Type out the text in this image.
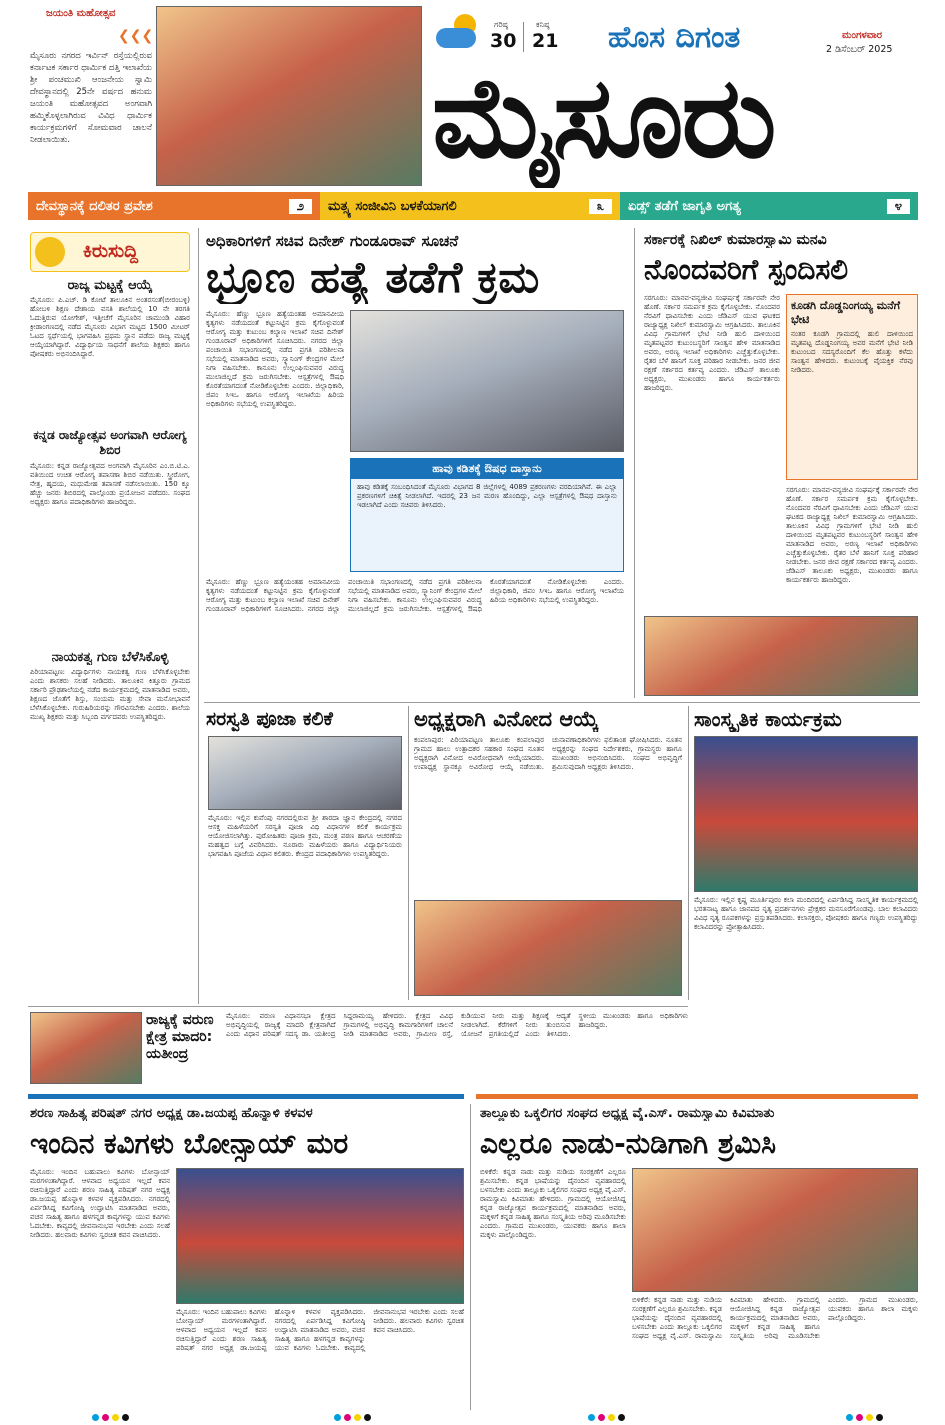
ಜಯಂತಿ ಮಹೋತ್ಸವ
❮❮❮
ಮೈಸೂರು ನಗರದ ಇರ್ವಿನ್ ರಸ್ತೆಯಲ್ಲಿರುವ ಕರ್ನಾಟಕ ಸರ್ಕಾರ ಧಾರ್ಮಿಕ ದತ್ತಿ ಇಲಾಖೆಯ ಶ್ರೀ ಪಂಚಮುಖಿ ಆಂಜನೇಯ ಸ್ವಾಮಿ ದೇವಸ್ಥಾನದಲ್ಲಿ 25ನೇ ವರ್ಷದ ಹನುಮ ಜಯಂತಿ ಮಹೋತ್ಸವದ ಅಂಗವಾಗಿ ಹಮ್ಮಿಕೊಳ್ಳಲಾಗಿರುವ ವಿವಿಧ ಧಾರ್ಮಿಕ ಕಾರ್ಯಕ್ರಮಗಳಿಗೆ ಸೋಮವಾರ ಚಾಲನೆ ನೀಡಲಾಯಿತು.
ಗರಿಷ್ಠ
30
ಕನಿಷ್ಠ
21 ಹೊಸ ದಿಗಂತ	ಮಂಗಳವಾರ
2 ಡಿಸೆಂಬರ್ 2025
ಮೈಸೂರು
ದೇವಸ್ಥಾನಕ್ಕೆ ದಲಿತರ ಪ್ರವೇಶ	೨	ಮತ್ಸ್ಯ ಸಂಜೀವಿನಿ ಬಳಕೆಯಾಗಲಿ	೩	ಏಡ್ಸ್ ತಡೆಗೆ ಜಾಗೃತಿ ಅಗತ್ಯ	೪
ಕಿರುಸುದ್ದಿ
ರಾಜ್ಯ ಮಟ್ಟಕ್ಕೆ ಆಯ್ಕೆ
ಮೈಸೂರು: ಪಿ.ಎಚ್. ಡಿ ಕೋಟೆ ತಾಲೂಕಿನ ಅಂತರಸಂತೆ(ಬೀರಂಬಳ್ಳಿ) ಹೋಬಳಿ ಶಿಕ್ಷಣ ದೇಶಾಯ ವಸತಿ ಶಾಲೆಯಲ್ಲಿ 10 ನೇ ತರಗತಿ ಓದುತ್ತಿರುವ ಯೋಗೇಶ್, ಇತ್ತೀಚೆಗೆ ಮೈಸೂರಿನ ಚಾಮುಂಡಿ ವಿಹಾರ ಕ್ರೀಡಾಂಗಣದಲ್ಲಿ ನಡೆದ ಮೈಸೂರು ವಿಭಾಗ ಮಟ್ಟದ 1500 ಮೀಟರ್ ಓಟದ ಸ್ಪರ್ಧೆಯಲ್ಲಿ ಭಾಗವಹಿಸಿ ಪ್ರಥಮ ಸ್ಥಾನ ಪಡೆದು ರಾಜ್ಯ ಮಟ್ಟಕ್ಕೆ ಆಯ್ಕೆಯಾಗಿದ್ದಾರೆ. ವಿದ್ಯಾರ್ಥಿಯ ಸಾಧನೆಗೆ ಶಾಲೆಯ ಶಿಕ್ಷಕರು ಹಾಗೂ ಪೋಷಕರು ಅಭಿನಂದಿಸಿದ್ದಾರೆ.
ಕನ್ನಡ ರಾಜ್ಯೋತ್ಸವ ಅಂಗವಾಗಿ ಆರೋಗ್ಯ ಶಿಬಿರ
ಮೈಸೂರು: ಕನ್ನಡ ರಾಜ್ಯೋತ್ಸವದ ಅಂಗವಾಗಿ ಮೈಸೂರಿನ ಎಂ.ಬಿ.ಟಿ.ಎ. ವತಿಯಿಂದ ಉಚಿತ ಆರೋಗ್ಯ ತಪಾಸಣಾ ಶಿಬಿರ ನಡೆಯಿತು. ಸ್ತ್ರೀರೋಗ, ನೇತ್ರ, ಹೃದಯ, ಮಧುಮೇಹ ತಪಾಸಣೆ ನಡೆಸಲಾಯಿತು. 150 ಕ್ಕೂ ಹೆಚ್ಚು ಜನರು ಶಿಬಿರದಲ್ಲಿ ಪಾಲ್ಗೊಂಡು ಪ್ರಯೋಜನ ಪಡೆದರು. ಸಂಘದ ಅಧ್ಯಕ್ಷರು ಹಾಗೂ ಪದಾಧಿಕಾರಿಗಳು ಹಾಜರಿದ್ದರು.
ನಾಯಕತ್ವ ಗುಣ ಬೆಳೆಸಿಕೊಳ್ಳಿ
ಪಿರಿಯಾಪಟ್ಟಣ: ವಿದ್ಯಾರ್ಥಿಗಳು ನಾಯಕತ್ವ ಗುಣ ಬೆಳೆಸಿಕೊಳ್ಳಬೇಕು ಎಂದು ಶಾಸಕರು ಸಲಹೆ ನೀಡಿದರು. ತಾಲೂಕಿನ ಕಿತ್ತೂರು ಗ್ರಾಮದ ಸರ್ಕಾರಿ ಪ್ರೌಢಶಾಲೆಯಲ್ಲಿ ನಡೆದ ಕಾರ್ಯಕ್ರಮದಲ್ಲಿ ಮಾತನಾಡಿದ ಅವರು, ಶಿಕ್ಷಣದ ಜೊತೆಗೆ ಶಿಸ್ತು, ಸಂಯಮ ಮತ್ತು ಸೇವಾ ಮನೋಭಾವನೆ ಬೆಳೆಸಿಕೊಳ್ಳಬೇಕು. ಗುರುಹಿರಿಯರನ್ನು ಗೌರವಿಸಬೇಕು ಎಂದರು. ಶಾಲೆಯ ಮುಖ್ಯ ಶಿಕ್ಷಕರು ಮತ್ತು ಸಿಬ್ಬಂದಿ ವರ್ಗದವರು ಉಪಸ್ಥಿತರಿದ್ದರು.
ಅಧಿಕಾರಿಗಳಿಗೆ ಸಚಿವ ದಿನೇಶ್ ಗುಂಡೂರಾವ್ ಸೂಚನೆ
ಭ್ರೂಣ ಹತ್ಯೆ ತಡೆಗೆ ಕ್ರಮ
ಮೈಸೂರು: ಹೆಣ್ಣು ಭ್ರೂಣ ಹತ್ಯೆಯಂತಹ ಅಮಾನವೀಯ ಕೃತ್ಯಗಳು ನಡೆಯದಂತೆ ಕಟ್ಟುನಿಟ್ಟಿನ ಕ್ರಮ ಕೈಗೊಳ್ಳುವಂತೆ ಆರೋಗ್ಯ ಮತ್ತು ಕುಟುಂಬ ಕಲ್ಯಾಣ ಇಲಾಖೆ ಸಚಿವ ದಿನೇಶ್ ಗುಂಡೂರಾವ್ ಅಧಿಕಾರಿಗಳಿಗೆ ಸೂಚಿಸಿದರು. ನಗರದ ಜಿಲ್ಲಾ ಪಂಚಾಯಿತಿ ಸಭಾಂಗಣದಲ್ಲಿ ನಡೆದ ಪ್ರಗತಿ ಪರಿಶೀಲನಾ ಸಭೆಯಲ್ಲಿ ಮಾತನಾಡಿದ ಅವರು, ಸ್ಕ್ಯಾನಿಂಗ್ ಕೇಂದ್ರಗಳ ಮೇಲೆ ನಿಗಾ ವಹಿಸಬೇಕು. ಕಾನೂನು ಉಲ್ಲಂಘಿಸುವವರ ವಿರುದ್ಧ ಮುಲಾಜಿಲ್ಲದೆ ಕ್ರಮ ಜರುಗಿಸಬೇಕು. ಆಸ್ಪತ್ರೆಗಳಲ್ಲಿ ಔಷಧಿ ಕೊರತೆಯಾಗದಂತೆ ನೋಡಿಕೊಳ್ಳಬೇಕು ಎಂದರು. ಜಿಲ್ಲಾಧಿಕಾರಿ, ಜಿಪಂ ಸಿಇಒ ಹಾಗೂ ಆರೋಗ್ಯ ಇಲಾಖೆಯ ಹಿರಿಯ ಅಧಿಕಾರಿಗಳು ಸಭೆಯಲ್ಲಿ ಉಪಸ್ಥಿತರಿದ್ದರು.
ಹಾವು ಕಡಿತಕ್ಕೆ ಔಷಧ ದಾಸ್ತಾನು
ಹಾವು ಕಡಿತಕ್ಕೆ ಸಂಬಂಧಿಸಿದಂತೆ ಮೈಸೂರು ವಿಭಾಗದ 8 ಜಿಲ್ಲೆಗಳಲ್ಲಿ 4089 ಪ್ರಕರಣಗಳು ವರದಿಯಾಗಿವೆ. ಈ ಎಲ್ಲಾ ಪ್ರಕರಣಗಳಿಗೆ ಚಿಕಿತ್ಸೆ ನೀಡಲಾಗಿದೆ. ಇದರಲ್ಲಿ 23 ಜನ ಮರಣ ಹೊಂದಿದ್ದು, ಎಲ್ಲಾ ಆಸ್ಪತ್ರೆಗಳಲ್ಲಿ ಔಷಧ ದಾಸ್ತಾನು ಇಡಲಾಗಿದೆ ಎಂದು ಸಚಿವರು ತಿಳಿಸಿದರು.
ಮೈಸೂರು: ಹೆಣ್ಣು ಭ್ರೂಣ ಹತ್ಯೆಯಂತಹ ಅಮಾನವೀಯ ಕೃತ್ಯಗಳು ನಡೆಯದಂತೆ ಕಟ್ಟುನಿಟ್ಟಿನ ಕ್ರಮ ಕೈಗೊಳ್ಳುವಂತೆ ಆರೋಗ್ಯ ಮತ್ತು ಕುಟುಂಬ ಕಲ್ಯಾಣ ಇಲಾಖೆ ಸಚಿವ ದಿನೇಶ್ ಗುಂಡೂರಾವ್ ಅಧಿಕಾರಿಗಳಿಗೆ ಸೂಚಿಸಿದರು. ನಗರದ ಜಿಲ್ಲಾ ಪಂಚಾಯಿತಿ ಸಭಾಂಗಣದಲ್ಲಿ ನಡೆದ ಪ್ರಗತಿ ಪರಿಶೀಲನಾ ಸಭೆಯಲ್ಲಿ ಮಾತನಾಡಿದ ಅವರು, ಸ್ಕ್ಯಾನಿಂಗ್ ಕೇಂದ್ರಗಳ ಮೇಲೆ ನಿಗಾ ವಹಿಸಬೇಕು. ಕಾನೂನು ಉಲ್ಲಂಘಿಸುವವರ ವಿರುದ್ಧ ಮುಲಾಜಿಲ್ಲದೆ ಕ್ರಮ ಜರುಗಿಸಬೇಕು. ಆಸ್ಪತ್ರೆಗಳಲ್ಲಿ ಔಷಧಿ ಕೊರತೆಯಾಗದಂತೆ ನೋಡಿಕೊಳ್ಳಬೇಕು ಎಂದರು. ಜಿಲ್ಲಾಧಿಕಾರಿ, ಜಿಪಂ ಸಿಇಒ ಹಾಗೂ ಆರೋಗ್ಯ ಇಲಾಖೆಯ ಹಿರಿಯ ಅಧಿಕಾರಿಗಳು ಸಭೆಯಲ್ಲಿ ಉಪಸ್ಥಿತರಿದ್ದರು.
ಸರ್ಕಾರಕ್ಕೆ ನಿಖಿಲ್ ಕುಮಾರಸ್ವಾಮಿ ಮನವಿ
ನೊಂದವರಿಗೆ ಸ್ಪಂದಿಸಲಿ
ಸರಗೂರು: ಮಾನವ-ವನ್ಯಜೀವಿ ಸಂಘರ್ಷಕ್ಕೆ ಸರ್ಕಾರವೇ ನೇರ ಹೊಣೆ. ಸರ್ಕಾರ ಸಮರ್ಪಕ ಕ್ರಮ ಕೈಗೊಳ್ಳಬೇಕು. ನೊಂದವರ ನೆರವಿಗೆ ಧಾವಿಸಬೇಕು ಎಂದು ಜೆಡಿಎಸ್ ಯುವ ಘಟಕದ ರಾಜ್ಯಾಧ್ಯಕ್ಷ ನಿಖಿಲ್ ಕುಮಾರಸ್ವಾಮಿ ಆಗ್ರಹಿಸಿದರು. ತಾಲೂಕಿನ ವಿವಿಧ ಗ್ರಾಮಗಳಿಗೆ ಭೇಟಿ ನೀಡಿ ಹುಲಿ ದಾಳಿಯಿಂದ ಮೃತಪಟ್ಟವರ ಕುಟುಂಬಸ್ಥರಿಗೆ ಸಾಂತ್ವನ ಹೇಳಿ ಮಾತನಾಡಿದ ಅವರು, ಅರಣ್ಯ ಇಲಾಖೆ ಅಧಿಕಾರಿಗಳು ಎಚ್ಚೆತ್ತುಕೊಳ್ಳಬೇಕು. ರೈತರ ಬೆಳೆ ಹಾನಿಗೆ ಸೂಕ್ತ ಪರಿಹಾರ ನೀಡಬೇಕು. ಜನರ ಜೀವ ರಕ್ಷಣೆ ಸರ್ಕಾರದ ಕರ್ತವ್ಯ ಎಂದರು. ಜೆಡಿಎಸ್ ತಾಲೂಕು ಅಧ್ಯಕ್ಷರು, ಮುಖಂಡರು ಹಾಗೂ ಕಾರ್ಯಕರ್ತರು ಹಾಜರಿದ್ದರು.
ಕೂಡಗಿ ದೊಡ್ಡನಿಂಗಯ್ಯ ಮನೆಗೆ ಭೇಟಿ
ನಂತರ ಕೂಡಗಿ ಗ್ರಾಮದಲ್ಲಿ ಹುಲಿ ದಾಳಿಯಿಂದ ಮೃತಪಟ್ಟ ದೊಡ್ಡನಿಂಗಯ್ಯ ಅವರ ಮನೆಗೆ ಭೇಟಿ ನೀಡಿ ಕುಟುಂಬದ ಸದಸ್ಯರೊಂದಿಗೆ ಕೆಲ ಹೊತ್ತು ಕಳೆದು ಸಾಂತ್ವನ ಹೇಳಿದರು. ಕುಟುಂಬಕ್ಕೆ ವೈಯಕ್ತಿಕ ನೆರವು ನೀಡಿದರು.
ಸರಗೂರು: ಮಾನವ-ವನ್ಯಜೀವಿ ಸಂಘರ್ಷಕ್ಕೆ ಸರ್ಕಾರವೇ ನೇರ ಹೊಣೆ. ಸರ್ಕಾರ ಸಮರ್ಪಕ ಕ್ರಮ ಕೈಗೊಳ್ಳಬೇಕು. ನೊಂದವರ ನೆರವಿಗೆ ಧಾವಿಸಬೇಕು ಎಂದು ಜೆಡಿಎಸ್ ಯುವ ಘಟಕದ ರಾಜ್ಯಾಧ್ಯಕ್ಷ ನಿಖಿಲ್ ಕುಮಾರಸ್ವಾಮಿ ಆಗ್ರಹಿಸಿದರು. ತಾಲೂಕಿನ ವಿವಿಧ ಗ್ರಾಮಗಳಿಗೆ ಭೇಟಿ ನೀಡಿ ಹುಲಿ ದಾಳಿಯಿಂದ ಮೃತಪಟ್ಟವರ ಕುಟುಂಬಸ್ಥರಿಗೆ ಸಾಂತ್ವನ ಹೇಳಿ ಮಾತನಾಡಿದ ಅವರು, ಅರಣ್ಯ ಇಲಾಖೆ ಅಧಿಕಾರಿಗಳು ಎಚ್ಚೆತ್ತುಕೊಳ್ಳಬೇಕು. ರೈತರ ಬೆಳೆ ಹಾನಿಗೆ ಸೂಕ್ತ ಪರಿಹಾರ ನೀಡಬೇಕು. ಜನರ ಜೀವ ರಕ್ಷಣೆ ಸರ್ಕಾರದ ಕರ್ತವ್ಯ ಎಂದರು. ಜೆಡಿಎಸ್ ತಾಲೂಕು ಅಧ್ಯಕ್ಷರು, ಮುಖಂಡರು ಹಾಗೂ ಕಾರ್ಯಕರ್ತರು ಹಾಜರಿದ್ದರು.
ಸರಸ್ವತಿ ಪೂಜಾ ಕಲಿಕೆ
ಮೈಸೂರು: ಇಲ್ಲಿನ ಕುವೆಂಪು ನಗರದಲ್ಲಿರುವ ಶ್ರೀ ಶಾರದಾ ಜ್ಞಾನ ಕೇಂದ್ರದಲ್ಲಿ ನಗರದ ಆಸಕ್ತ ಮಹಿಳೆಯರಿಗೆ ಸರಸ್ವತಿ ಪೂಜಾ ವಿಧಿ ವಿಧಾನಗಳ ಕಲಿಕೆ ಕಾರ್ಯಕ್ರಮ ಆಯೋಜಿಸಲಾಗಿತ್ತು. ಪುರೋಹಿತರು ಪೂಜಾ ಕ್ರಮ, ಮಂತ್ರ ಪಠಣ ಹಾಗೂ ಆಚರಣೆಯ ಮಹತ್ವದ ಬಗ್ಗೆ ವಿವರಿಸಿದರು. ನೂರಾರು ಮಹಿಳೆಯರು ಹಾಗೂ ವಿದ್ಯಾರ್ಥಿನಿಯರು ಭಾಗವಹಿಸಿ ಪೂಜೆಯ ವಿಧಾನ ಕಲಿತರು. ಕೇಂದ್ರದ ಪದಾಧಿಕಾರಿಗಳು ಉಪಸ್ಥಿತರಿದ್ದರು.
ಅಧ್ಯಕ್ಷರಾಗಿ ವಿನೋದ ಆಯ್ಕೆ
ಕಂಪಲಾಪುರ: ಪಿರಿಯಾಪಟ್ಟಣ ತಾಲೂಕು ಕಂಪಲಾಪುರ ಗ್ರಾಮದ ಹಾಲು ಉತ್ಪಾದಕರ ಸಹಕಾರ ಸಂಘದ ನೂತನ ಅಧ್ಯಕ್ಷರಾಗಿ ವಿನೋದ ಅವಿರೋಧವಾಗಿ ಆಯ್ಕೆಯಾದರು. ಉಪಾಧ್ಯಕ್ಷ ಸ್ಥಾನಕ್ಕೂ ಅವಿರೋಧ ಆಯ್ಕೆ ನಡೆಯಿತು. ಚುನಾವಣಾಧಿಕಾರಿಗಳು ಫಲಿತಾಂಶ ಘೋಷಿಸಿದರು. ನೂತನ ಅಧ್ಯಕ್ಷರನ್ನು ಸಂಘದ ನಿರ್ದೇಶಕರು, ಗ್ರಾಮಸ್ಥರು ಹಾಗೂ ಮುಖಂಡರು ಅಭಿನಂದಿಸಿದರು. ಸಂಘದ ಅಭಿವೃದ್ಧಿಗೆ ಶ್ರಮಿಸುವುದಾಗಿ ಅಧ್ಯಕ್ಷರು ತಿಳಿಸಿದರು.
ಸಾಂಸ್ಕೃತಿಕ ಕಾರ್ಯಕ್ರಮ
ಮೈಸೂರು: ಇಲ್ಲಿನ ಕೃಷ್ಣ ಮೂರ್ತಿಪುರಂ ಕಲಾ ಮಂದಿರದಲ್ಲಿ ಏರ್ಪಡಿಸಿದ್ದ ಸಾಂಸ್ಕೃತಿಕ ಕಾರ್ಯಕ್ರಮದಲ್ಲಿ ಭರತನಾಟ್ಯ ಹಾಗೂ ಜಾನಪದ ನೃತ್ಯ ಪ್ರದರ್ಶನಗಳು ಪ್ರೇಕ್ಷಕರ ಮನಸೂರೆಗೊಂಡವು. ಬಾಲ ಕಲಾವಿದರು ವಿವಿಧ ನೃತ್ಯ ರೂಪಕಗಳನ್ನು ಪ್ರಸ್ತುತಪಡಿಸಿದರು. ಕಲಾಸಕ್ತರು, ಪೋಷಕರು ಹಾಗೂ ಗಣ್ಯರು ಉಪಸ್ಥಿತರಿದ್ದು ಕಲಾವಿದರನ್ನು ಪ್ರೋತ್ಸಾಹಿಸಿದರು.
ರಾಜ್ಯಕ್ಕೆ ವರುಣ ಕ್ಷೇತ್ರ ಮಾದರಿ: ಯತೀಂದ್ರ
ಮೈಸೂರು: ವರುಣ ವಿಧಾನಸಭಾ ಕ್ಷೇತ್ರದ ಅಭಿವೃದ್ಧಿಯಲ್ಲಿ ರಾಜ್ಯಕ್ಕೆ ಮಾದರಿ ಕ್ಷೇತ್ರವಾಗಿದೆ ಎಂದು ವಿಧಾನ ಪರಿಷತ್ ಸದಸ್ಯ ಡಾ. ಯತೀಂದ್ರ ಸಿದ್ದರಾಮಯ್ಯ ಹೇಳಿದರು. ಕ್ಷೇತ್ರದ ವಿವಿಧ ಗ್ರಾಮಗಳಲ್ಲಿ ಅಭಿವೃದ್ಧಿ ಕಾಮಗಾರಿಗಳಿಗೆ ಚಾಲನೆ ನೀಡಿ ಮಾತನಾಡಿದ ಅವರು, ಗ್ರಾಮೀಣ ರಸ್ತೆ, ಕುಡಿಯುವ ನೀರು ಮತ್ತು ಶಿಕ್ಷಣಕ್ಕೆ ಆದ್ಯತೆ ನೀಡಲಾಗಿದೆ. ಕೆರೆಗಳಿಗೆ ನೀರು ತುಂಬಿಸುವ ಯೋಜನೆ ಪ್ರಗತಿಯಲ್ಲಿದೆ ಎಂದು ತಿಳಿಸಿದರು. ಸ್ಥಳೀಯ ಮುಖಂಡರು ಹಾಗೂ ಅಧಿಕಾರಿಗಳು ಹಾಜರಿದ್ದರು.
ಶರಣ ಸಾಹಿತ್ಯ ಪರಿಷತ್ ನಗರ ಅಧ್ಯಕ್ಷ ಡಾ.ಜಯಪ್ಪ ಹೊನ್ನಾಳಿ ಕಳವಳ
ಇಂದಿನ ಕವಿಗಳು ಬೋನ್ಸಾಯ್ ಮರ
ಮೈಸೂರು: ಇಂದಿನ ಬಹುಪಾಲು ಕವಿಗಳು ಬೋನ್ಸಾಯ್ ಮರಗಳಂತಾಗಿದ್ದಾರೆ. ಆಳವಾದ ಅಧ್ಯಯನ ಇಲ್ಲದೆ ಕವನ ರಚಿಸುತ್ತಿದ್ದಾರೆ ಎಂದು ಶರಣ ಸಾಹಿತ್ಯ ಪರಿಷತ್ ನಗರ ಅಧ್ಯಕ್ಷ ಡಾ.ಜಯಪ್ಪ ಹೊನ್ನಾಳಿ ಕಳವಳ ವ್ಯಕ್ತಪಡಿಸಿದರು. ನಗರದಲ್ಲಿ ಏರ್ಪಡಿಸಿದ್ದ ಕವಿಗೋಷ್ಠಿ ಉದ್ಘಾಟಿಸಿ ಮಾತನಾಡಿದ ಅವರು, ವಚನ ಸಾಹಿತ್ಯ ಹಾಗೂ ಹಳಗನ್ನಡ ಕಾವ್ಯಗಳನ್ನು ಯುವ ಕವಿಗಳು ಓದಬೇಕು. ಕಾವ್ಯದಲ್ಲಿ ಜೀವನಾನುಭವ ಇರಬೇಕು ಎಂದು ಸಲಹೆ ನೀಡಿದರು. ಹಲವಾರು ಕವಿಗಳು ಸ್ವರಚಿತ ಕವನ ವಾಚಿಸಿದರು.
ಮೈಸೂರು: ಇಂದಿನ ಬಹುಪಾಲು ಕವಿಗಳು ಬೋನ್ಸಾಯ್ ಮರಗಳಂತಾಗಿದ್ದಾರೆ. ಆಳವಾದ ಅಧ್ಯಯನ ಇಲ್ಲದೆ ಕವನ ರಚಿಸುತ್ತಿದ್ದಾರೆ ಎಂದು ಶರಣ ಸಾಹಿತ್ಯ ಪರಿಷತ್ ನಗರ ಅಧ್ಯಕ್ಷ ಡಾ.ಜಯಪ್ಪ ಹೊನ್ನಾಳಿ ಕಳವಳ ವ್ಯಕ್ತಪಡಿಸಿದರು. ನಗರದಲ್ಲಿ ಏರ್ಪಡಿಸಿದ್ದ ಕವಿಗೋಷ್ಠಿ ಉದ್ಘಾಟಿಸಿ ಮಾತನಾಡಿದ ಅವರು, ವಚನ ಸಾಹಿತ್ಯ ಹಾಗೂ ಹಳಗನ್ನಡ ಕಾವ್ಯಗಳನ್ನು ಯುವ ಕವಿಗಳು ಓದಬೇಕು. ಕಾವ್ಯದಲ್ಲಿ ಜೀವನಾನುಭವ ಇರಬೇಕು ಎಂದು ಸಲಹೆ ನೀಡಿದರು. ಹಲವಾರು ಕವಿಗಳು ಸ್ವರಚಿತ ಕವನ ವಾಚಿಸಿದರು.
ತಾಲ್ಲೂಕು ಒಕ್ಕಲಿಗರ ಸಂಘದ ಅಧ್ಯಕ್ಷ ವೈ.ಎಸ್. ರಾಮಸ್ವಾಮಿ ಕಿವಿಮಾತು
ಎಲ್ಲರೂ ನಾಡು-ನುಡಿಗಾಗಿ ಶ್ರಮಿಸಿ
ಬಿಳಿಕೆರೆ: ಕನ್ನಡ ನಾಡು ಮತ್ತು ನುಡಿಯ ಸಂರಕ್ಷಣೆಗೆ ಎಲ್ಲರೂ ಶ್ರಮಿಸಬೇಕು. ಕನ್ನಡ ಭಾಷೆಯನ್ನು ದೈನಂದಿನ ವ್ಯವಹಾರದಲ್ಲಿ ಬಳಸಬೇಕು ಎಂದು ತಾಲ್ಲೂಕು ಒಕ್ಕಲಿಗರ ಸಂಘದ ಅಧ್ಯಕ್ಷ ವೈ.ಎಸ್. ರಾಮಸ್ವಾಮಿ ಕಿವಿಮಾತು ಹೇಳಿದರು. ಗ್ರಾಮದಲ್ಲಿ ಆಯೋಜಿಸಿದ್ದ ಕನ್ನಡ ರಾಜ್ಯೋತ್ಸವ ಕಾರ್ಯಕ್ರಮದಲ್ಲಿ ಮಾತನಾಡಿದ ಅವರು, ಮಕ್ಕಳಿಗೆ ಕನ್ನಡ ಸಾಹಿತ್ಯ ಹಾಗೂ ಸಂಸ್ಕೃತಿಯ ಅರಿವು ಮೂಡಿಸಬೇಕು ಎಂದರು. ಗ್ರಾಮದ ಮುಖಂಡರು, ಯುವಕರು ಹಾಗೂ ಶಾಲಾ ಮಕ್ಕಳು ಪಾಲ್ಗೊಂಡಿದ್ದರು.
ಬಿಳಿಕೆರೆ: ಕನ್ನಡ ನಾಡು ಮತ್ತು ನುಡಿಯ ಸಂರಕ್ಷಣೆಗೆ ಎಲ್ಲರೂ ಶ್ರಮಿಸಬೇಕು. ಕನ್ನಡ ಭಾಷೆಯನ್ನು ದೈನಂದಿನ ವ್ಯವಹಾರದಲ್ಲಿ ಬಳಸಬೇಕು ಎಂದು ತಾಲ್ಲೂಕು ಒಕ್ಕಲಿಗರ ಸಂಘದ ಅಧ್ಯಕ್ಷ ವೈ.ಎಸ್. ರಾಮಸ್ವಾಮಿ ಕಿವಿಮಾತು ಹೇಳಿದರು. ಗ್ರಾಮದಲ್ಲಿ ಆಯೋಜಿಸಿದ್ದ ಕನ್ನಡ ರಾಜ್ಯೋತ್ಸವ ಕಾರ್ಯಕ್ರಮದಲ್ಲಿ ಮಾತನಾಡಿದ ಅವರು, ಮಕ್ಕಳಿಗೆ ಕನ್ನಡ ಸಾಹಿತ್ಯ ಹಾಗೂ ಸಂಸ್ಕೃತಿಯ ಅರಿವು ಮೂಡಿಸಬೇಕು ಎಂದರು. ಗ್ರಾಮದ ಮುಖಂಡರು, ಯುವಕರು ಹಾಗೂ ಶಾಲಾ ಮಕ್ಕಳು ಪಾಲ್ಗೊಂಡಿದ್ದರು.
